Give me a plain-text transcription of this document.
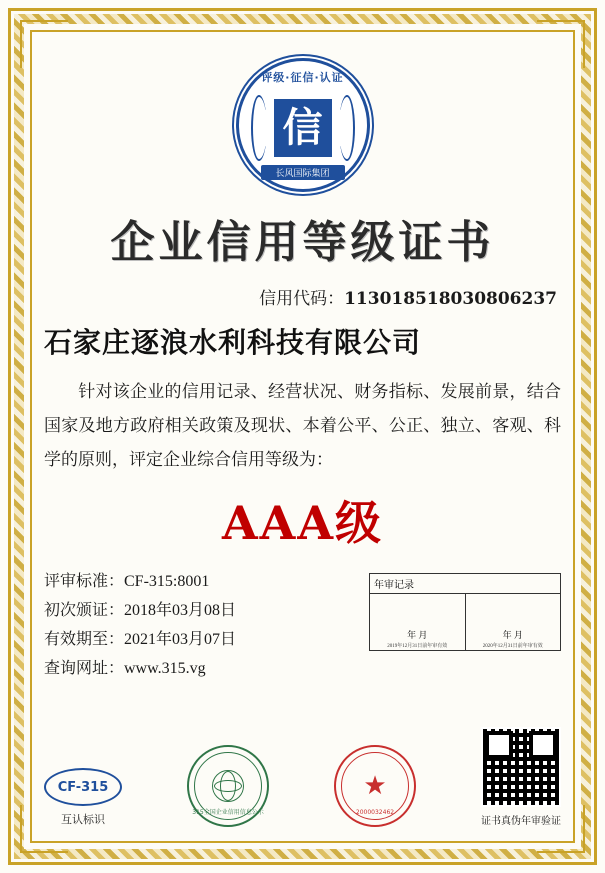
评级·征信·认证
信
长风国际集团
企业信用等级证书
信用代码：113018518030806237
石家庄逐浪水利科技有限公司
针对该企业的信用记录、经营状况、财务指标、发展前景，结合国家及地方政府相关政策及现状、本着公平、公正、独立、客观、科学的原则，评定企业综合信用等级为：
AAA级
评审标准：CF-315:8001
初次颁证：2018年03月08日
有效期至：2021年03月07日
查询网址：www.315.vg
年审记录
年 月
2019年12月31日前年审有效
年 月
2020年12月31日前年审有效
CF-315
互认标识
315全国企业信用信息公示
★
2000032462
证书真伪年审验证
